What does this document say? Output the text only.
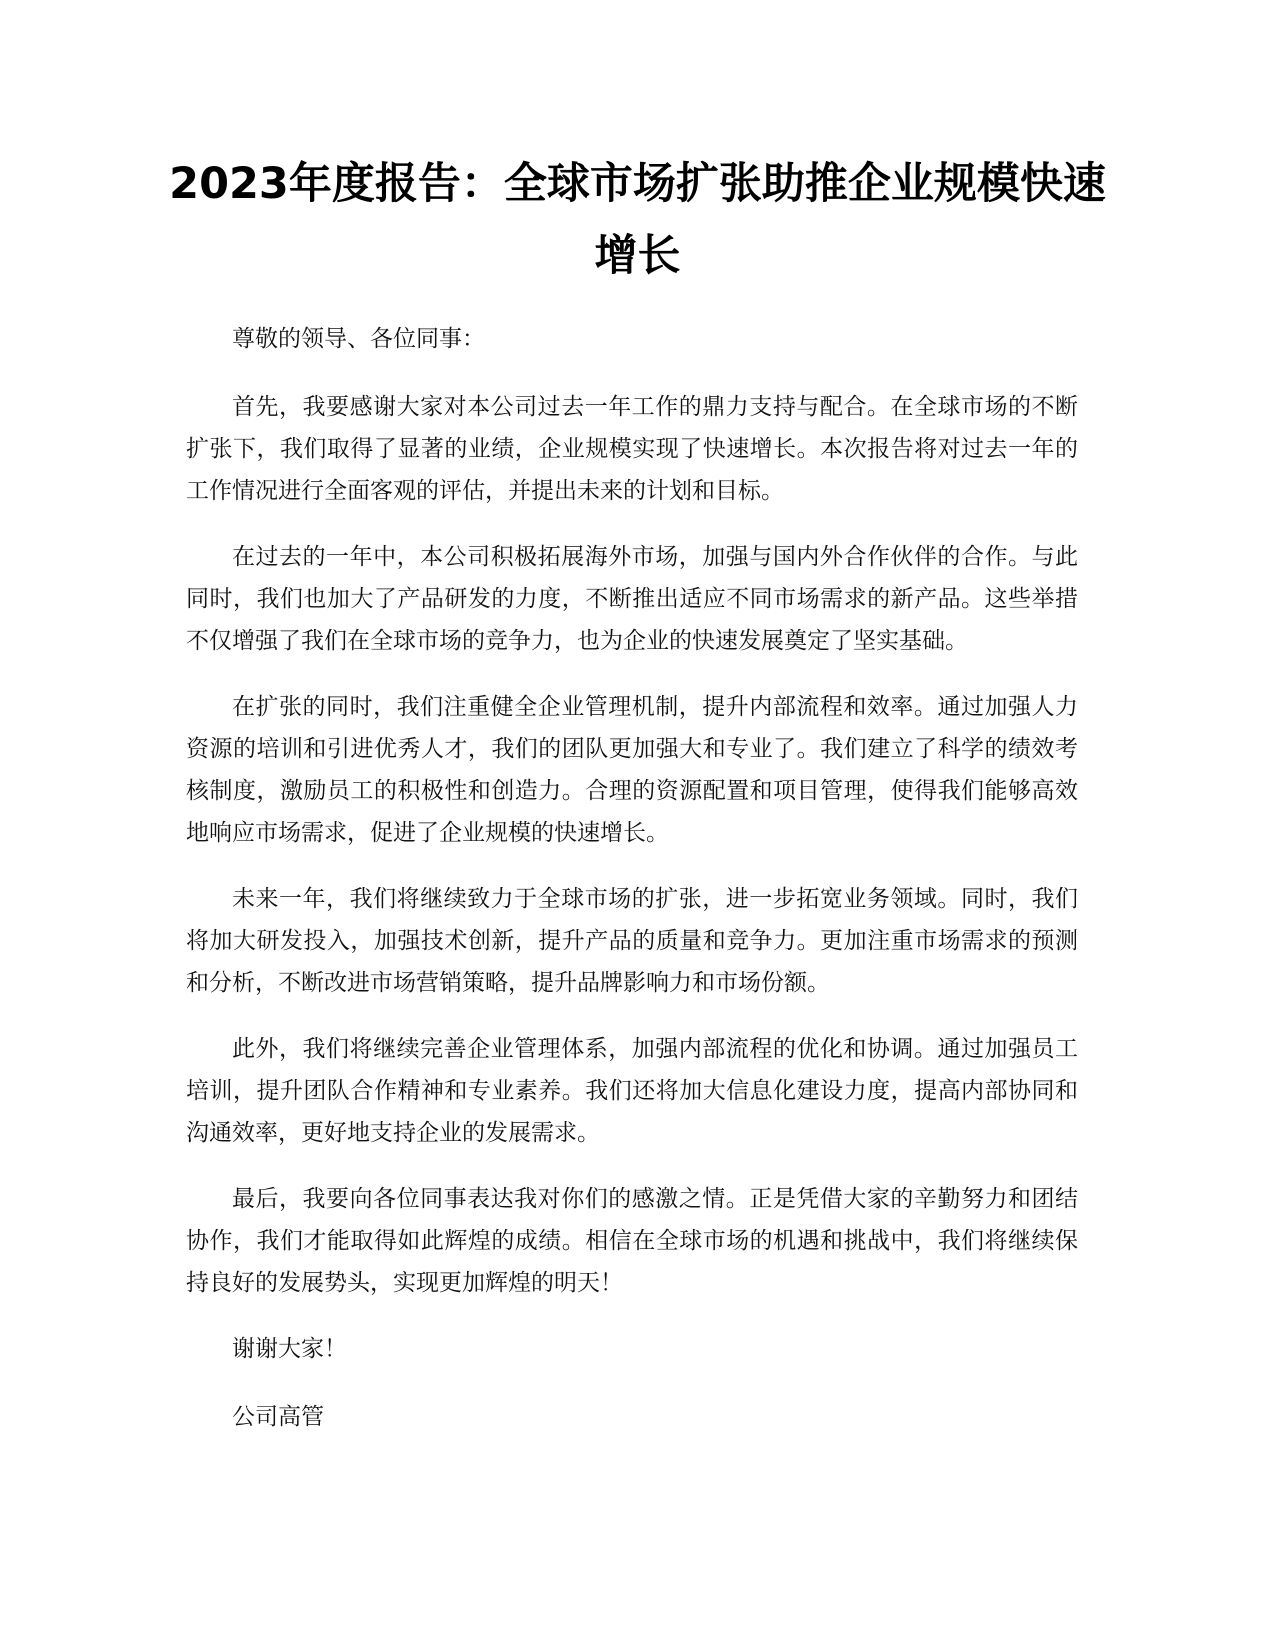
2023年度报告：全球市场扩张助推企业规模快速增长

尊敬的领导、各位同事：

首先，我要感谢大家对本公司过去一年工作的鼎力支持与配合。在全球市场的不断扩张下，我们取得了显著的业绩，企业规模实现了快速增长。本次报告将对过去一年的工作情况进行全面客观的评估，并提出未来的计划和目标。

在过去的一年中，本公司积极拓展海外市场，加强与国内外合作伙伴的合作。与此同时，我们也加大了产品研发的力度，不断推出适应不同市场需求的新产品。这些举措不仅增强了我们在全球市场的竞争力，也为企业的快速发展奠定了坚实基础。

在扩张的同时，我们注重健全企业管理机制，提升内部流程和效率。通过加强人力资源的培训和引进优秀人才，我们的团队更加强大和专业了。我们建立了科学的绩效考核制度，激励员工的积极性和创造力。合理的资源配置和项目管理，使得我们能够高效地响应市场需求，促进了企业规模的快速增长。

未来一年，我们将继续致力于全球市场的扩张，进一步拓宽业务领域。同时，我们将加大研发投入，加强技术创新，提升产品的质量和竞争力。更加注重市场需求的预测和分析，不断改进市场营销策略，提升品牌影响力和市场份额。

此外，我们将继续完善企业管理体系，加强内部流程的优化和协调。通过加强员工培训，提升团队合作精神和专业素养。我们还将加大信息化建设力度，提高内部协同和沟通效率，更好地支持企业的发展需求。

最后，我要向各位同事表达我对你们的感激之情。正是凭借大家的辛勤努力和团结协作，我们才能取得如此辉煌的成绩。相信在全球市场的机遇和挑战中，我们将继续保持良好的发展势头，实现更加辉煌的明天！

谢谢大家！

公司高管
